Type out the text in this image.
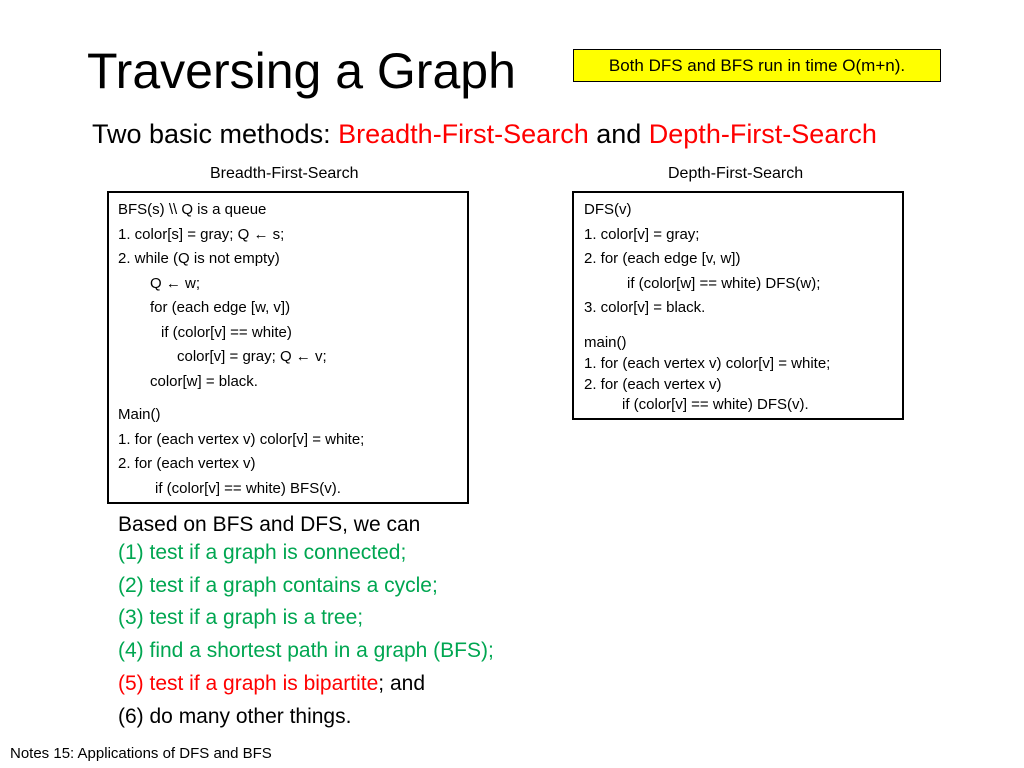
Traversing a Graph	Both DFS and BFS run in time O(m+n).
Two basic methods: Breadth-First-Search and Depth-First-Search
Breadth-First-Search	Depth-First-Search
BFS(s) \\ Q is a queue
1. color[s] = gray; Q ← s;
2. while (Q is not empty)
Q ← w;
for (each edge [w, v])
if (color[v] == white)
color[v] = gray; Q ← v;
color[w] = black.
Main()
1. for (each vertex v) color[v] = white;
2. for (each vertex v)
if (color[v] == white) BFS(v).
DFS(v)
1. color[v] = gray;
2. for (each edge [v, w])
if (color[w] == white) DFS(w);
3. color[v] = black.
main()
1. for (each vertex v) color[v] = white;
2. for (each vertex v)
if (color[v] == white) DFS(v).
Based on BFS and DFS, we can
(1) test if a graph is connected;
(2) test if a graph contains a cycle;
(3) test if a graph is a tree;
(4) find a shortest path in a graph (BFS);
(5) test if a graph is bipartite; and
(6) do many other things.
Notes 15: Applications of DFS and BFS
